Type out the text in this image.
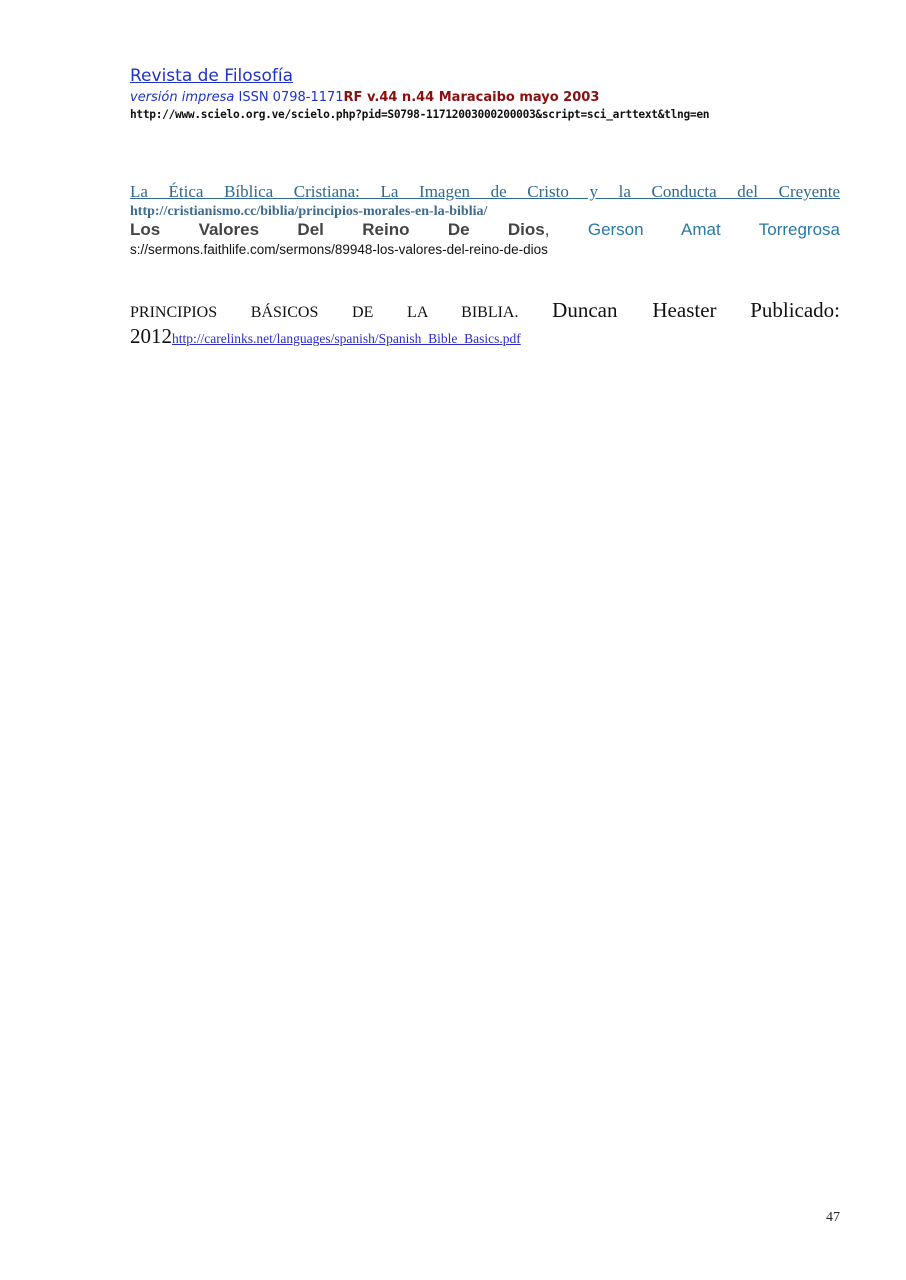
Revista de Filosofía
versión impresa ISSN 0798-1171RF v.44 n.44 Maracaibo mayo 2003
http://www.scielo.org.ve/scielo.php?pid=S0798-11712003000200003&script=sci_arttext&tlng=en
La Ética Bíblica Cristiana: La Imagen de Cristo y la Conducta del Creyente
http://cristianismo.cc/biblia/principios-morales-en-la-biblia/
Los Valores Del Reino De Dios, Gerson Amat Torregrosa
s://sermons.faithlife.com/sermons/89948-los-valores-del-reino-de-dios
PRINCIPIOS BÁSICOS DE LA BIBLIA. Duncan Heaster Publicado:
2012http://carelinks.net/languages/spanish/Spanish_Bible_Basics.pdf
47
